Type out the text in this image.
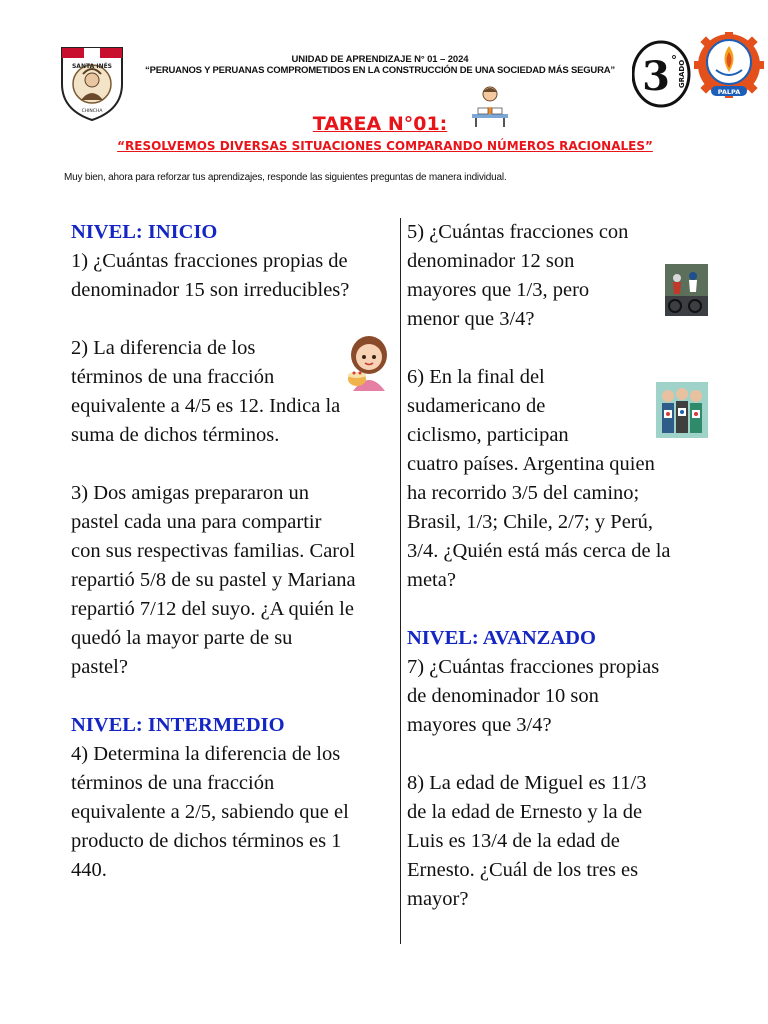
SANTA INÉS
CHINCHA
UNIDAD DE APRENDIZAJE N° 01 – 2024
“PERUANOS Y PERUANAS COMPROMETIDOS EN LA CONSTRUCCIÓN DE UNA SOCIEDAD MÁS SEGURA” 3 ° GRADO
PALPA
TAREA N°01:
“RESOLVEMOS DIVERSAS SITUACIONES COMPARANDO NÚMEROS RACIONALES”
Muy bien, ahora para reforzar tus aprendizajes, responde las siguientes preguntas de manera individual.
NIVEL: INICIO
1) ¿Cuántas fracciones propias de denominador 15 son irreducibles?
2) La diferencia de los
términos de una fracción
equivalente a 4/5 es 12. Indica la
suma de dichos términos.
3) Dos amigas prepararon un
pastel cada una para compartir
con sus respectivas familias. Carol
repartió 5/8 de su pastel y Mariana
repartió 7/12 del suyo. ¿A quién le
quedó la mayor parte de su
pastel?
NIVEL: INTERMEDIO
4) Determina la diferencia de los
términos de una fracción
equivalente a 2/5, sabiendo que el
producto de dichos términos es 1
440.
5) ¿Cuántas fracciones con
denominador 12 son
mayores que 1/3, pero
menor que 3/4?
6) En la final del
sudamericano de
ciclismo, participan
cuatro países. Argentina quien
ha recorrido 3/5 del camino;
Brasil, 1/3; Chile, 2/7; y Perú,
3/4. ¿Quién está más cerca de la
meta?
NIVEL: AVANZADO
7) ¿Cuántas fracciones propias
de denominador 10 son
mayores que 3/4?
8) La edad de Miguel es 11/3
de la edad de Ernesto y la de
Luis es 13/4 de la edad de
Ernesto. ¿Cuál de los tres es
mayor?
